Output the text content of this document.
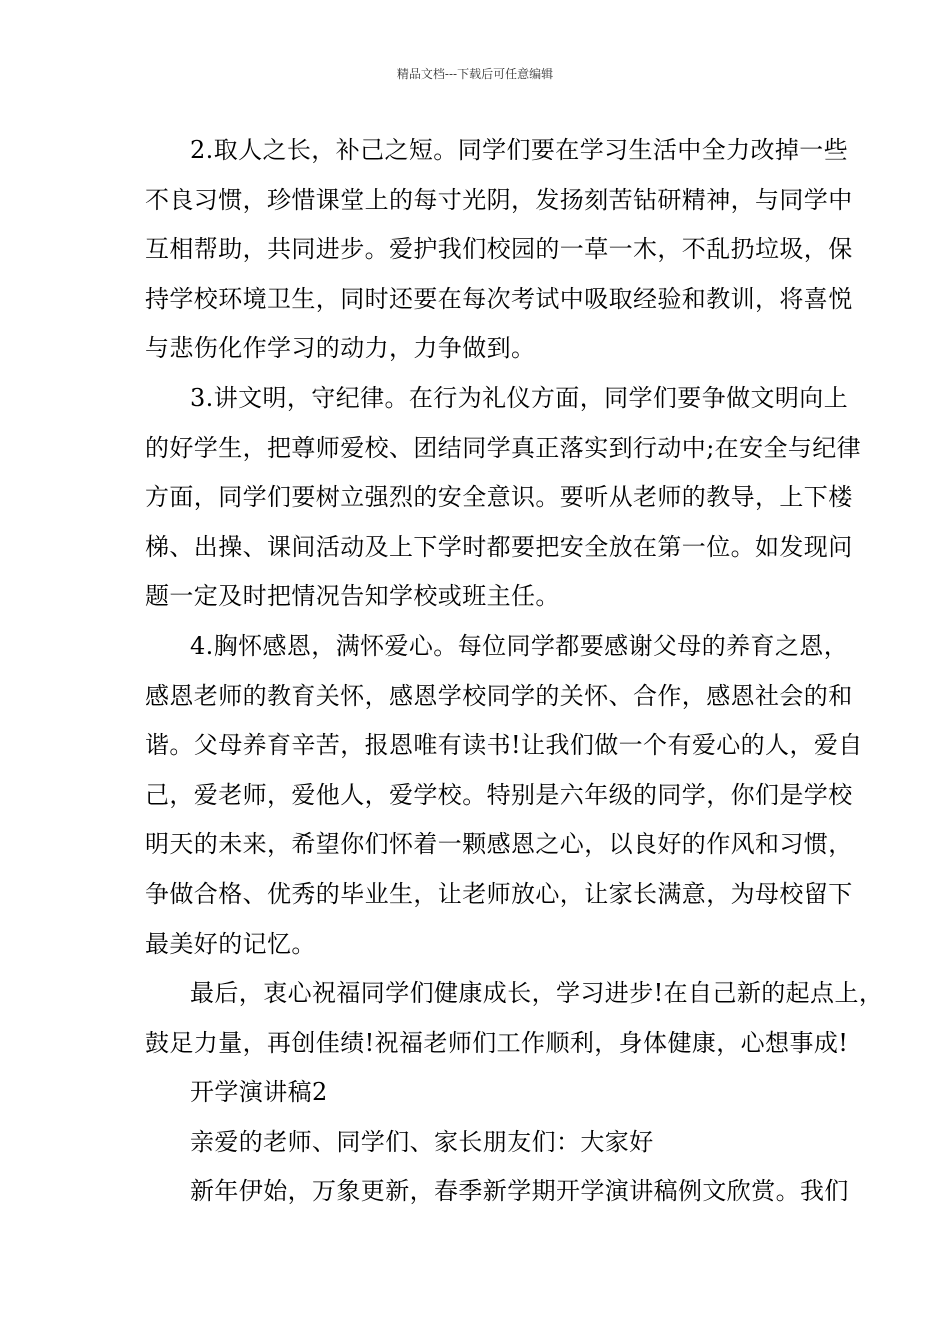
精品文档---下载后可任意编辑
2.取人之长，补己之短。同学们要在学习生活中全力改掉一些
不良习惯，珍惜课堂上的每寸光阴，发扬刻苦钻研精神，与同学中
互相帮助，共同进步。爱护我们校园的一草一木，不乱扔垃圾，保
持学校环境卫生，同时还要在每次考试中吸取经验和教训，将喜悦
与悲伤化作学习的动力，力争做到。
3.讲文明，守纪律。在行为礼仪方面，同学们要争做文明向上
的好学生，把尊师爱校、团结同学真正落实到行动中;在安全与纪律
方面，同学们要树立强烈的安全意识。要听从老师的教导，上下楼
梯、出操、课间活动及上下学时都要把安全放在第一位。如发现问
题一定及时把情况告知学校或班主任。
4.胸怀感恩，满怀爱心。每位同学都要感谢父母的养育之恩，
感恩老师的教育关怀，感恩学校同学的关怀、合作，感恩社会的和
谐。父母养育辛苦，报恩唯有读书!让我们做一个有爱心的人，爱自
己，爱老师，爱他人，爱学校。特别是六年级的同学，你们是学校
明天的未来，希望你们怀着一颗感恩之心，以良好的作风和习惯，
争做合格、优秀的毕业生，让老师放心，让家长满意，为母校留下
最美好的记忆。
最后，衷心祝福同学们健康成长，学习进步!在自己新的起点上，
鼓足力量，再创佳绩!祝福老师们工作顺利，身体健康，心想事成!
开学演讲稿2
亲爱的老师、同学们、家长朋友们：大家好
新年伊始，万象更新，春季新学期开学演讲稿例文欣赏。我们
